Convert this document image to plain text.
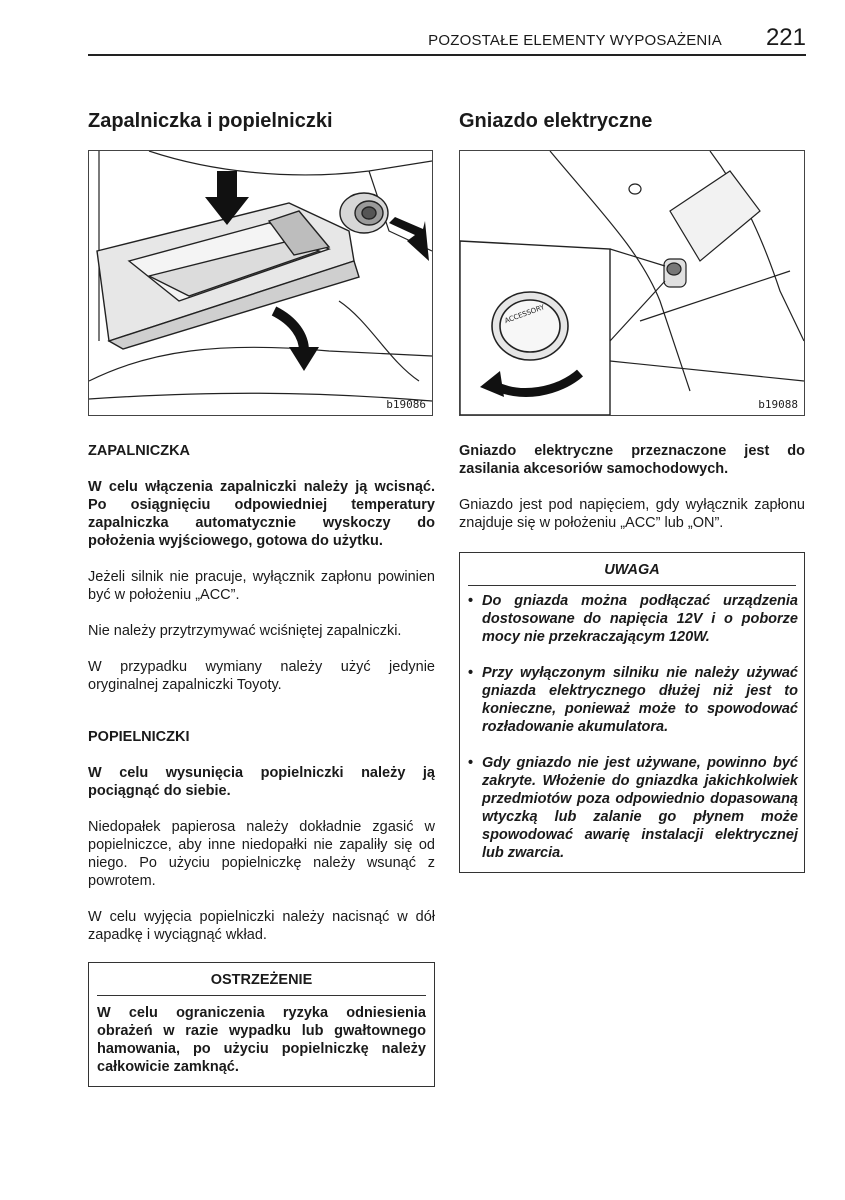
POZOSTAŁE ELEMENTY WYPOSAŻENIA 221
Zapalniczka i popielniczki
b19086
ZAPALNICZKA

W celu włączenia zapalniczki należy ją wcisnąć. Po osiągnięciu odpowiedniej temperatury zapalniczka automatycznie wyskoczy do położenia wyjściowego, gotowa do użytku.

Jeżeli silnik nie pracuje, wyłącznik zapłonu powinien być w położeniu „ACC”.

Nie należy przytrzymywać wciśniętej zapalniczki.

W przypadku wymiany należy użyć jedynie oryginalnej zapalniczki Toyoty.

POPIELNICZKI

W celu wysunięcia popielniczki należy ją pociągnąć do siebie.

Niedopałek papierosa należy dokładnie zgasić w popielniczce, aby inne niedopałki nie zapaliły się od niego. Po użyciu popielniczkę należy wsunąć z powrotem.

W celu wyjęcia popielniczki należy nacisnąć w dół zapadkę i wyciągnąć wkład.

OSTRZEŻENIE
W celu ograniczenia ryzyka odniesienia obrażeń w razie wypadku lub gwałtownego hamowania, po użyciu popielniczkę należy całkowicie zamknąć.
Gniazdo elektryczne
ACCESSORY
b19088

Gniazdo elektryczne przeznaczone jest do zasilania akcesoriów samochodowych.

Gniazdo jest pod napięciem, gdy wyłącznik zapłonu znajduje się w położeniu „ACC” lub „ON”.

UWAGA
• Do gniazda można podłączać urządzenia dostosowane do napięcia 12V i o poborze mocy nie przekraczającym 120W.
• Przy wyłączonym silniku nie należy używać gniazda elektrycznego dłużej niż jest to konieczne, ponieważ może to spowodować rozładowanie akumulatora.
• Gdy gniazdo nie jest używane, powinno być zakryte. Włożenie do gniazdka jakichkolwiek przedmiotów poza odpowiednio dopasowaną wtyczką lub zalanie go płynem może spowodować awarię instalacji elektrycznej lub zwarcia.
